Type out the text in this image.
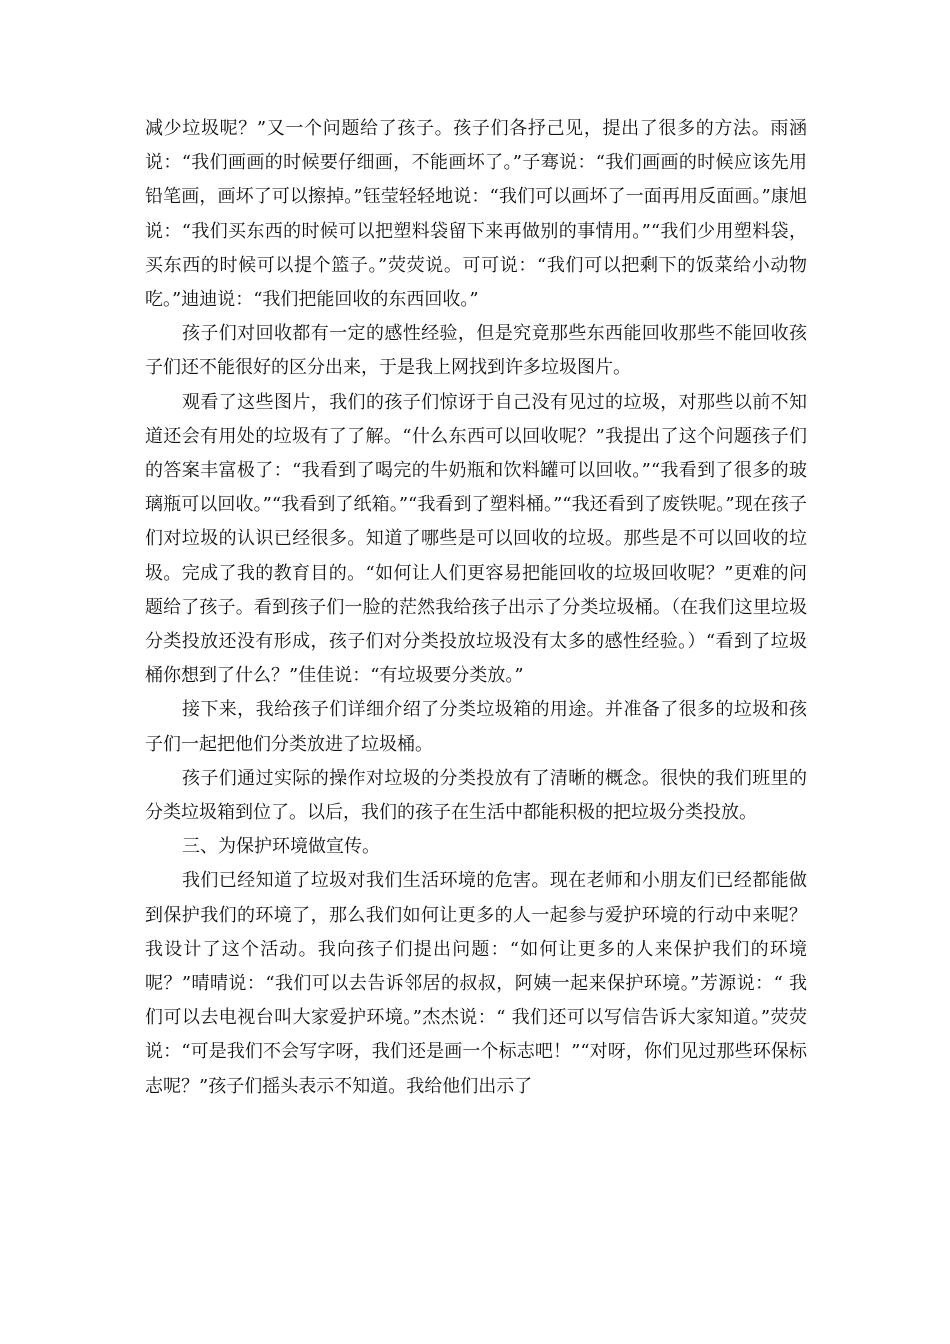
减少垃圾呢？”又一个问题给了孩子。孩子们各抒己见，提出了很多的方法。雨涵说：“我们画画的时候要仔细画，不能画坏了。”子骞说：“我们画画的时候应该先用铅笔画，画坏了可以擦掉。”钰莹轻轻地说：“我们可以画坏了一面再用反面画。”康旭说：“我们买东西的时候可以把塑料袋留下来再做别的事情用。”“我们少用塑料袋，买东西的时候可以提个篮子。”荧荧说。可可说：“我们可以把剩下的饭菜给小动物吃。”迪迪说：“我们把能回收的东西回收。”

孩子们对回收都有一定的感性经验，但是究竟那些东西能回收那些不能回收孩子们还不能很好的区分出来，于是我上网找到许多垃圾图片。

观看了这些图片，我们的孩子们惊讶于自己没有见过的垃圾，对那些以前不知道还会有用处的垃圾有了了解。“什么东西可以回收呢？”我提出了这个问题孩子们的答案丰富极了：“我看到了喝完的牛奶瓶和饮料罐可以回收。”“我看到了很多的玻璃瓶可以回收。”“我看到了纸箱。”“我看到了塑料桶。”“我还看到了废铁呢。”现在孩子们对垃圾的认识已经很多。知道了哪些是可以回收的垃圾。那些是不可以回收的垃圾。完成了我的教育目的。“如何让人们更容易把能回收的垃圾回收呢？”更难的问题给了孩子。看到孩子们一脸的茫然我给孩子出示了分类垃圾桶。（在我们这里垃圾分类投放还没有形成，孩子们对分类投放垃圾没有太多的感性经验。）“看到了垃圾桶你想到了什么？”佳佳说：“有垃圾要分类放。”

接下来，我给孩子们详细介绍了分类垃圾箱的用途。并准备了很多的垃圾和孩子们一起把他们分类放进了垃圾桶。

孩子们通过实际的操作对垃圾的分类投放有了清晰的概念。很快的我们班里的分类垃圾箱到位了。以后，我们的孩子在生活中都能积极的把垃圾分类投放。

三、为保护环境做宣传。

我们已经知道了垃圾对我们生活环境的危害。现在老师和小朋友们已经都能做到保护我们的环境了，那么我们如何让更多的人一起参与爱护环境的行动中来呢？我设计了这个活动。我向孩子们提出问题：“如何让更多的人来保护我们的环境呢？”晴晴说：“我们可以去告诉邻居的叔叔，阿姨一起来保护环境。”芳源说：“ 我们可以去电视台叫大家爱护环境。”杰杰说：“ 我们还可以写信告诉大家知道。”荧荧说：“可是我们不会写字呀，我们还是画一个标志吧！”“对呀，你们见过那些环保标志呢？”孩子们摇头表示不知道。我给他们出示了
